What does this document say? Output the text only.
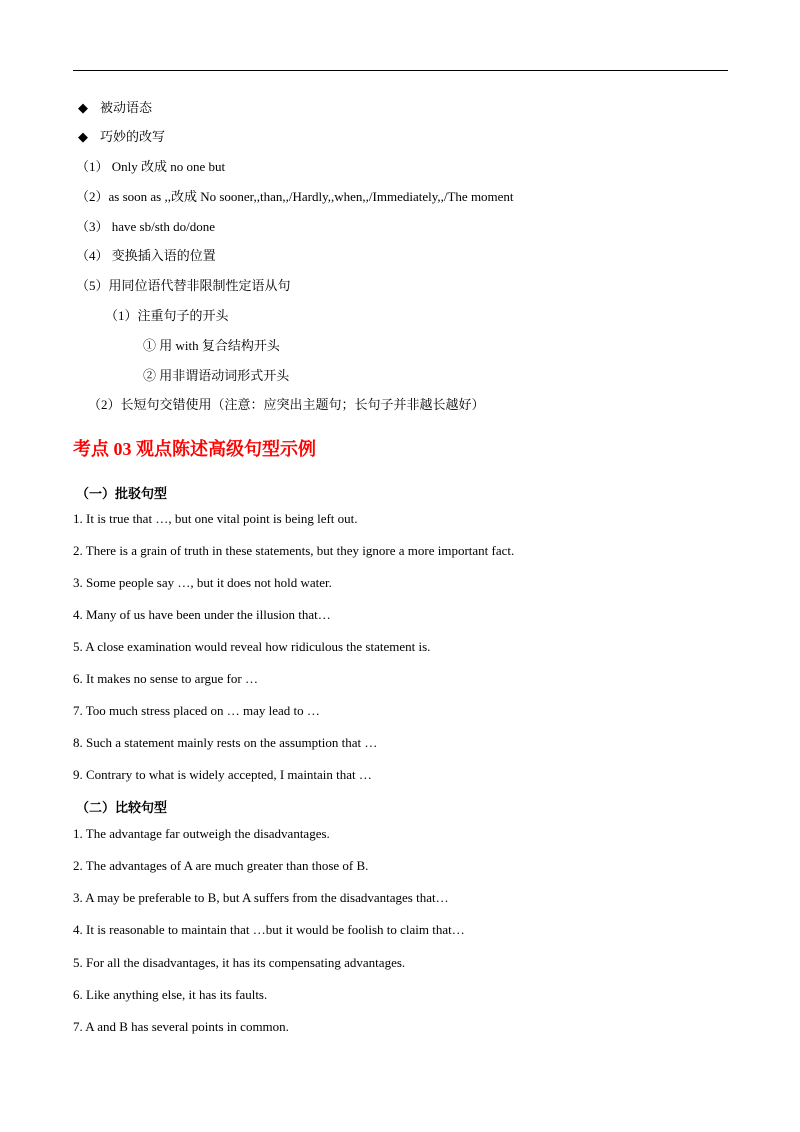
◆ 被动语态
◆ 巧妙的改写
（1） Only 改成 no one but
（2）as soon as ,,改成 No sooner,,than,,/Hardly,,when,,/Immediately,,/The moment
（3） have sb/sth do/done
（4） 变换插入语的位置
（5）用同位语代替非限制性定语从句
（1）注重句子的开头
① 用 with 复合结构开头
② 用非谓语动词形式开头
（2）长短句交错使用（注意：应突出主题句；长句子并非越长越好）
考点 03 观点陈述高级句型示例
（一）批驳句型
1. It is true that …, but one vital point is being left out.
2. There is a grain of truth in these statements, but they ignore a more important fact.
3. Some people say …, but it does not hold water.
4. Many of us have been under the illusion that…
5. A close examination would reveal how ridiculous the statement is.
6. It makes no sense to argue for …
7. Too much stress placed on … may lead to …
8. Such a statement mainly rests on the assumption that …
9. Contrary to what is widely accepted, I maintain that …
（二）比较句型
1. The advantage far outweigh the disadvantages.
2. The advantages of A are much greater than those of B.
3. A may be preferable to B, but A suffers from the disadvantages that…
4. It is reasonable to maintain that …but it would be foolish to claim that…
5. For all the disadvantages, it has its compensating advantages.
6. Like anything else, it has its faults.
7. A and B has several points in common.
